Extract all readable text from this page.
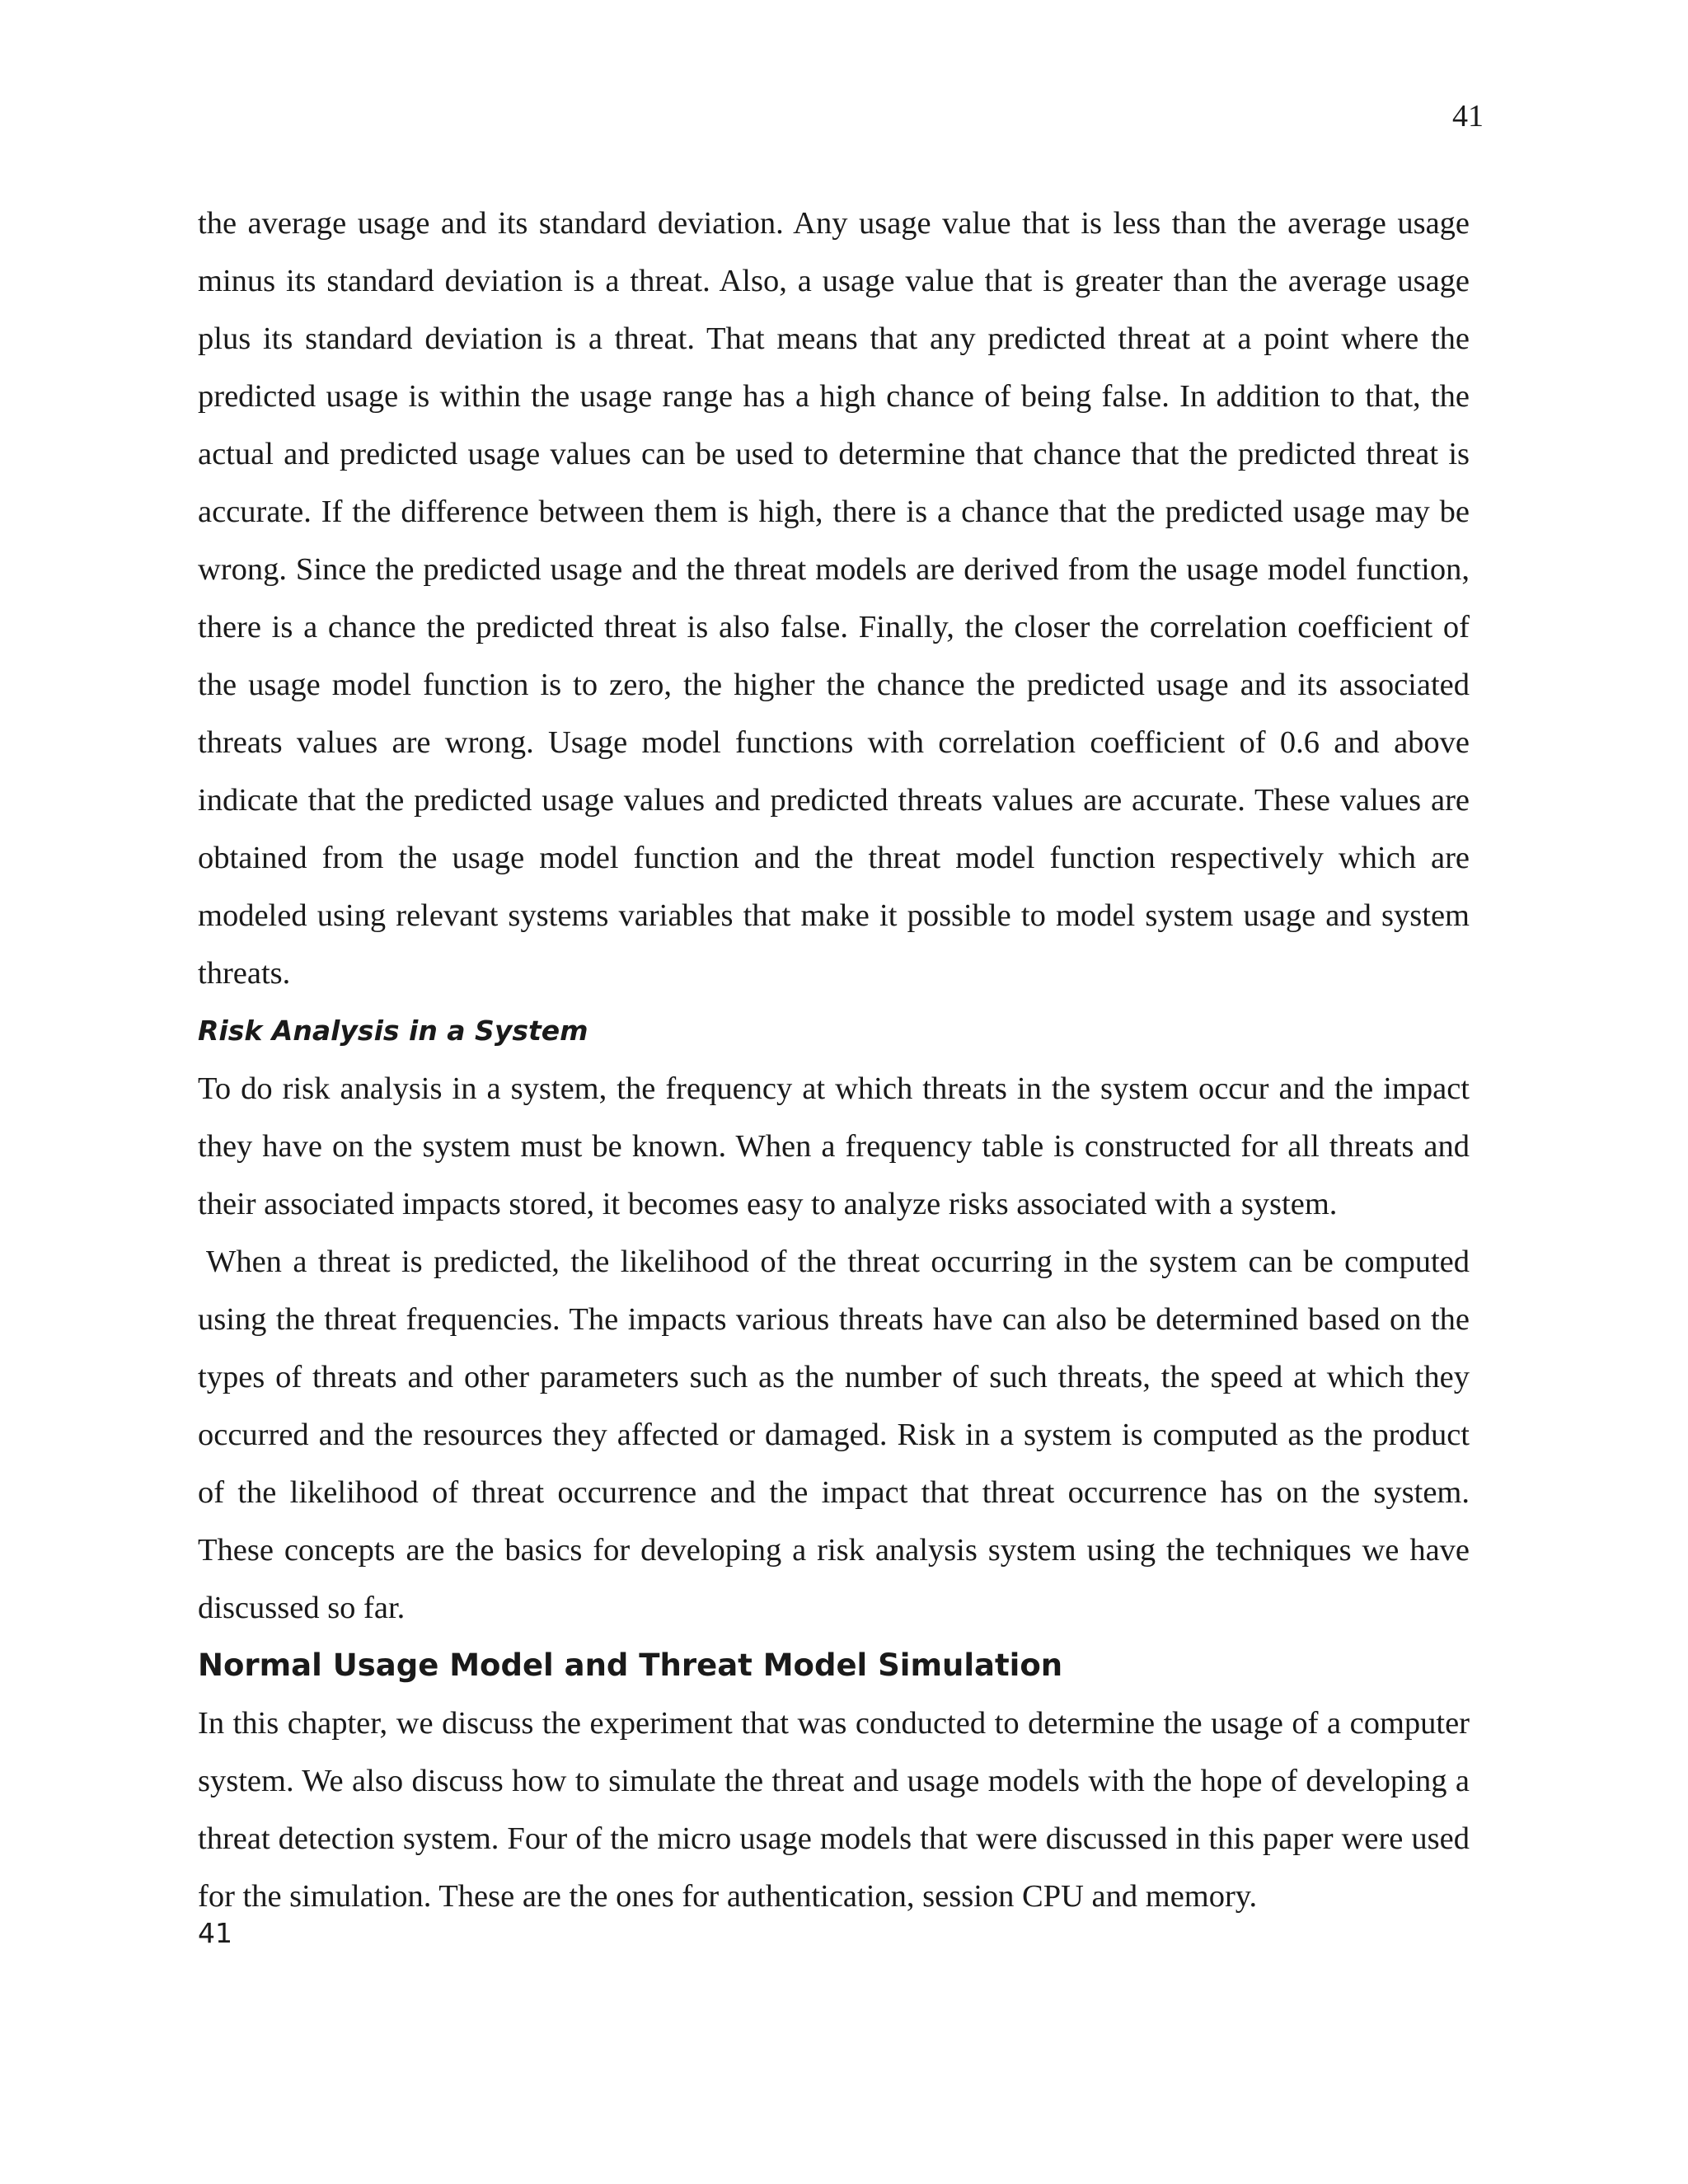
41

the average usage and its standard deviation. Any usage value that is less than the average usage minus its standard deviation is a threat. Also, a usage value that is greater than the average usage plus its standard deviation is a threat. That means that any predicted threat at a point where the predicted usage is within the usage range has a high chance of being false. In addition to that, the actual and predicted usage values can be used to determine that chance that the predicted threat is accurate. If the difference between them is high, there is a chance that the predicted usage may be wrong. Since the predicted usage and the threat models are derived from the usage model function, there is a chance the predicted threat is also false. Finally, the closer the correlation coefficient of the usage model function is to zero, the higher the chance the predicted usage and its associated threats values are wrong. Usage model functions with correlation coefficient of 0.6 and above indicate that the predicted usage values and predicted threats values are accurate. These values are obtained from the usage model function and the threat model function respectively which are modeled using relevant systems variables that make it possible to model system usage and system threats.

Risk Analysis in a System

To do risk analysis in a system, the frequency at which threats in the system occur and the impact they have on the system must be known. When a frequency table is constructed for all threats and their associated impacts stored, it becomes easy to analyze risks associated with a system.

When a threat is predicted, the likelihood of the threat occurring in the system can be computed using the threat frequencies. The impacts various threats have can also be determined based on the types of threats and other parameters such as the number of such threats, the speed at which they occurred and the resources they affected or damaged. Risk in a system is computed as the product of the likelihood of threat occurrence and the impact that threat occurrence has on the system. These concepts are the basics for developing a risk analysis system using the techniques we have discussed so far.

Normal Usage Model and Threat Model Simulation

In this chapter, we discuss the experiment that was conducted to determine the usage of a computer system. We also discuss how to simulate the threat and usage models with the hope of developing a threat detection system. Four of the micro usage models that were discussed in this paper were used for the simulation. These are the ones for authentication, session CPU and memory.

41
